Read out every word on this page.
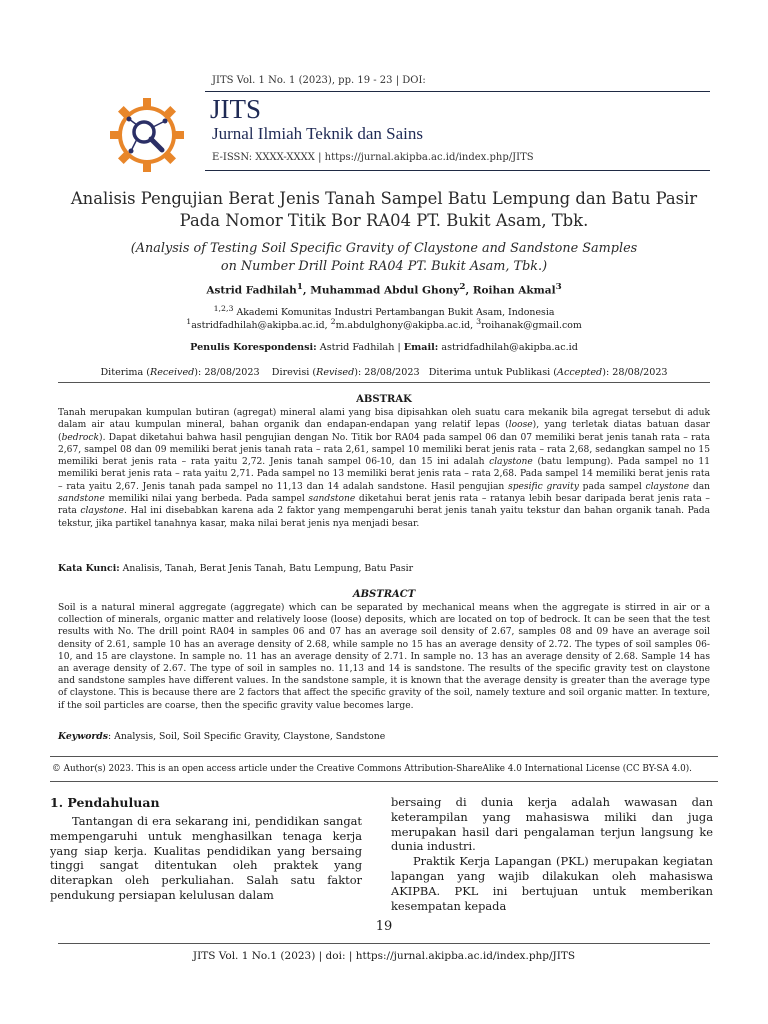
JITS Vol. 1 No. 1 (2023), pp. 19 - 23 | DOI:
JITS
Jurnal Ilmiah Teknik dan Sains
E-ISSN: XXXX-XXXX | https://jurnal.akipba.ac.id/index.php/JITS
Analisis Pengujian Berat Jenis Tanah Sampel Batu Lempung dan Batu Pasir
Pada Nomor Titik Bor RA04 PT. Bukit Asam, Tbk.
(Analysis of Testing Soil Specific Gravity of Claystone and Sandstone Samples
on Number Drill Point RA04 PT. Bukit Asam, Tbk.)
Astrid Fadhilah$^1$, Muhammad Abdul Ghony$^2$, Roihan Akmal$^3$
$^{1,2,3}$ Akademi Komunitas Industri Pertambangan Bukit Asam, Indonesia
$^1$astridfadhilah@akipba.ac.id, $^2$m.abdulghony@akipba.ac.id, $^3$roihanak@gmail.com
Penulis Korespondensi: Astrid Fadhilah | Email: astridfadhilah@akipba.ac.id
Diterima (Received): 28/08/2023    Direvisi (Revised): 28/08/2023   Diterima untuk Publikasi (Accepted): 28/08/2023
ABSTRAK
Tanah merupakan kumpulan butiran (agregat) mineral alami yang bisa dipisahkan oleh suatu cara mekanik bila agregat tersebut di aduk dalam air atau kumpulan mineral, bahan organik dan endapan-endapan yang relatif lepas (loose), yang terletak diatas batuan dasar (bedrock). Dapat diketahui bahwa hasil pengujian dengan No. Titik bor RA04 pada sampel 06 dan 07 memiliki berat jenis tanah rata – rata 2,67, sampel 08 dan 09 memiliki berat jenis tanah rata – rata 2,61, sampel 10 memiliki berat jenis rata – rata 2,68, sedangkan sampel no 15 memiliki berat jenis rata – rata yaitu 2,72. Jenis tanah sampel 06-10, dan 15 ini adalah claystone (batu lempung). Pada sampel no 11 memiliki berat jenis rata – rata yaitu 2,71. Pada sampel no 13 memiliki berat jenis rata – rata 2,68. Pada sampel 14 memiliki berat jenis rata – rata yaitu 2,67. Jenis tanah pada sampel no 11,13 dan 14 adalah sandstone. Hasil pengujian spesific gravity pada sampel claystone dan sandstone memiliki nilai yang berbeda. Pada sampel sandstone diketahui berat jenis rata – ratanya lebih besar daripada berat jenis rata – rata claystone. Hal ini disebabkan karena ada 2 faktor yang mempengaruhi berat jenis tanah yaitu tekstur dan bahan organik tanah. Pada tekstur, jika partikel tanahnya kasar, maka nilai berat jenis nya menjadi besar.
Kata Kunci: Analisis, Tanah, Berat Jenis Tanah, Batu Lempung, Batu Pasir
ABSTRACT
Soil is a natural mineral aggregate (aggregate) which can be separated by mechanical means when the aggregate is stirred in air or a collection of minerals, organic matter and relatively loose (loose) deposits, which are located on top of bedrock. It can be seen that the test results with No. The drill point RA04 in samples 06 and 07 has an average soil density of 2.67, samples 08 and 09 have an average soil density of 2.61, sample 10 has an average density of 2.68, while sample no 15 has an average density of 2.72. The types of soil samples 06-10, and 15 are claystone. In sample no. 11 has an average density of 2.71. In sample no. 13 has an average density of 2.68. Sample 14 has an average density of 2.67. The type of soil in samples no. 11,13 and 14 is sandstone. The results of the specific gravity test on claystone and sandstone samples have different values. In the sandstone sample, it is known that the average density is greater than the average type of claystone. This is because there are 2 factors that affect the specific gravity of the soil, namely texture and soil organic matter. In texture, if the soil particles are coarse, then the specific gravity value becomes large.
Keywords: Analysis, Soil, Soil Specific Gravity, Claystone, Sandstone
© Author(s) 2023. This is an open access article under the Creative Commons Attribution-ShareAlike 4.0 International License (CC BY-SA 4.0).
1. Pendahuluan

Tantangan di era sekarang ini, pendidikan sangat mempengaruhi untuk menghasilkan tenaga kerja yang siap kerja. Kualitas pendidikan yang bersaing tinggi sangat ditentukan oleh praktek yang diterapkan oleh perkuliahan. Salah satu faktor pendukung persiapan kelulusan dalam

bersaing di dunia kerja adalah wawasan dan keterampilan yang mahasiswa miliki dan juga merupakan hasil dari pengalaman terjun langsung ke dunia industri.

Praktik Kerja Lapangan (PKL) merupakan kegiatan lapangan yang wajib dilakukan oleh mahasiswa AKIPBA. PKL ini bertujuan untuk memberikan kesempatan kepada

19
JITS Vol. 1 No.1 (2023) | doi: | https://jurnal.akipba.ac.id/index.php/JITS
